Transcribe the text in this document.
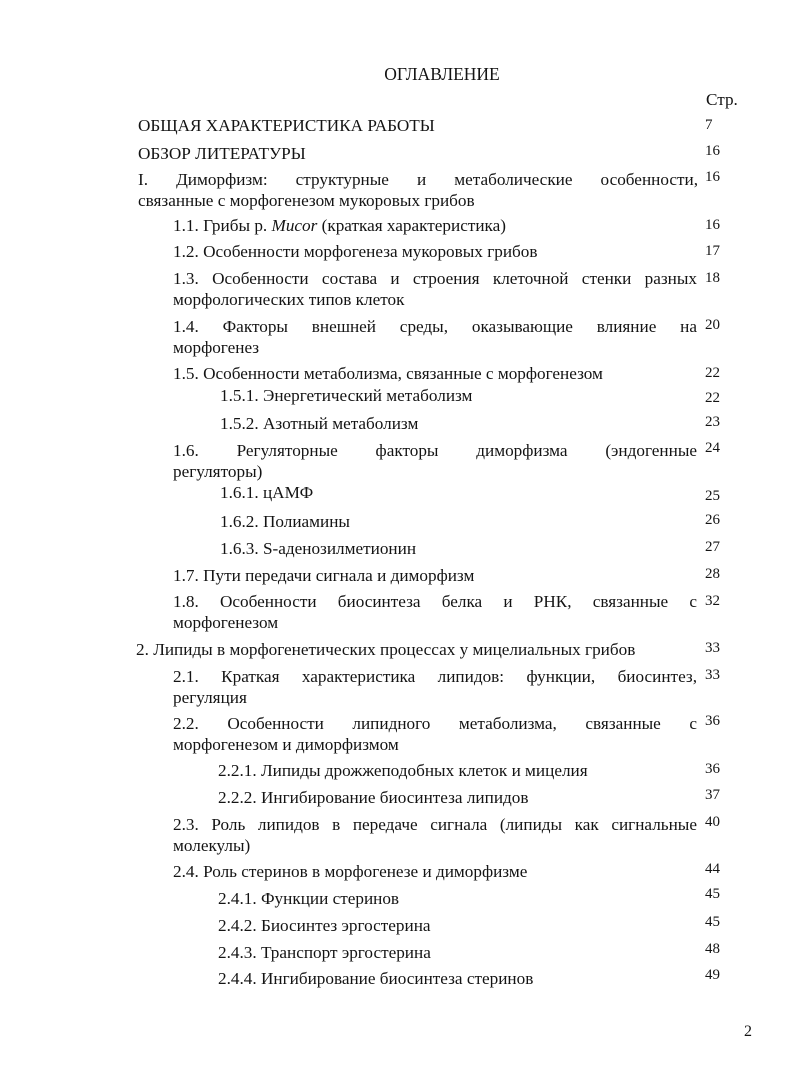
ОГЛАВЛЕНИЕ
Стр.
ОБЩАЯ ХАРАКТЕРИСТИКА РАБОТЫ	7
ОБЗОР ЛИТЕРАТУРЫ	16
I. Диморфизм: структурные и метаболические особенности,
связанные с морфогенезом мукоровых грибов
16
1.1. Грибы р. Mucor (краткая характеристика)	16
1.2. Особенности морфогенеза мукоровых грибов	17
1.3. Особенности состава и строения клеточной стенки разных
морфологических типов клеток
18
1.4. Факторы внешней среды, оказывающие влияние на
морфогенез
20
1.5. Особенности метаболизма, связанные с морфогенезом	22
1.5.1. Энергетический метаболизм	22
1.5.2. Азотный метаболизм	23
1.6. Регуляторные факторы диморфизма (эндогенные
регуляторы)
24
1.6.1. цАМФ	25
1.6.2. Полиамины	26
1.6.3. S-аденозилметионин	27
1.7. Пути передачи сигнала и диморфизм	28
1.8. Особенности биосинтеза белка и РНК, связанные с
морфогенезом
32
2. Липиды в морфогенетических процессах у мицелиальных грибов	33
2.1. Краткая характеристика липидов: функции, биосинтез,
регуляция
33
2.2. Особенности липидного метаболизма, связанные с
морфогенезом и диморфизмом
36
2.2.1. Липиды дрожжеподобных клеток и мицелия	36
2.2.2. Ингибирование биосинтеза липидов	37
2.3. Роль липидов в передаче сигнала (липиды как сигнальные
молекулы)
40
2.4. Роль стеринов в морфогенезе и диморфизме	44
2.4.1. Функции стеринов	45
2.4.2. Биосинтез эргостерина	45
2.4.3. Транспорт эргостерина	48
2.4.4. Ингибирование биосинтеза стеринов	49
2
